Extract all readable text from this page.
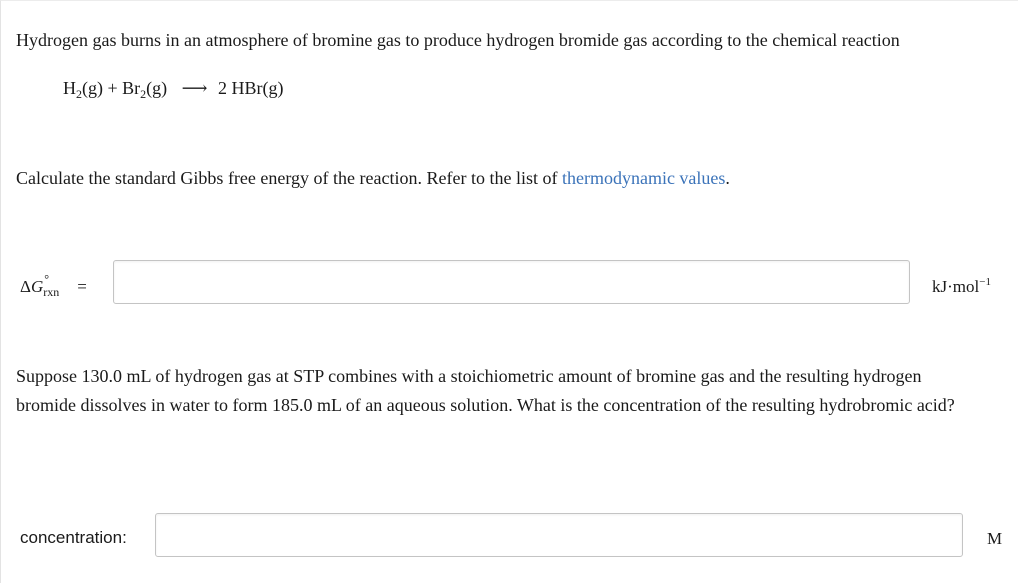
Hydrogen gas burns in an atmosphere of bromine gas to produce hydrogen bromide gas according to the chemical reaction
$H_2(g) + Br_2(g)$ ⟶ 2 HBr(g)
Calculate the standard Gibbs free energy of the reaction. Refer to the list of thermodynamic values.
ΔG °
rxn =	kJ·mol$^{-1}$
Suppose 130.0 mL of hydrogen gas at STP combines with a stoichiometric amount of bromine gas and the resulting hydrogen bromide dissolves in water to form 185.0 mL of an aqueous solution. What is the concentration of the resulting hydrobromic acid?
concentration:	M
